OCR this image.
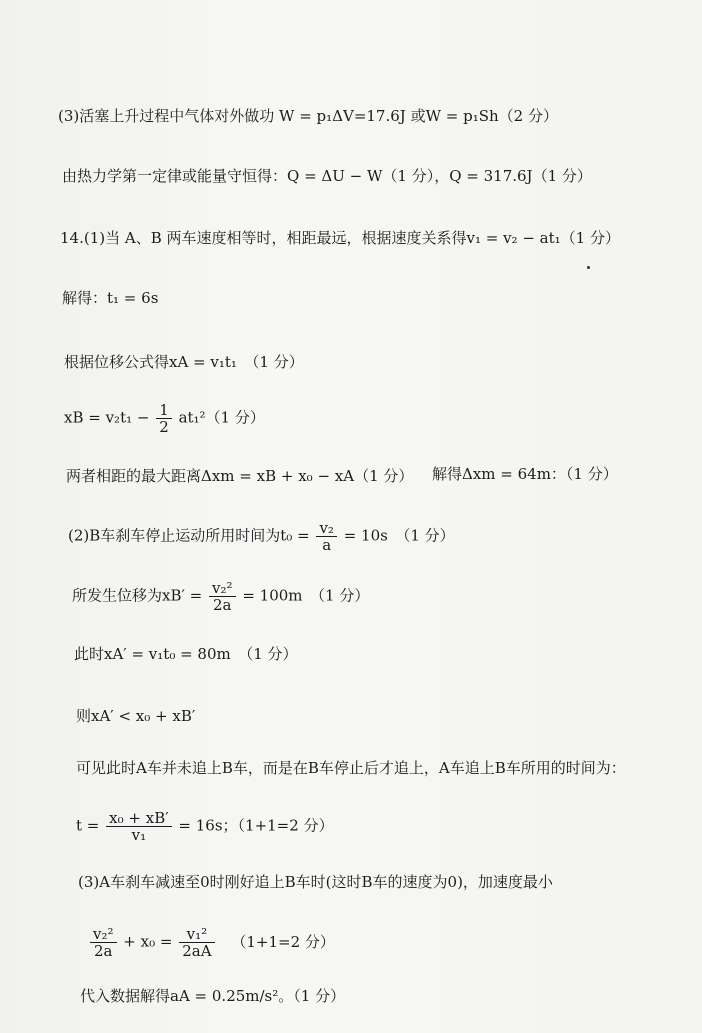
(3)活塞上升过程中气体对外做功 W = p₁ΔV=17.6J 或W = p₁Sh（2 分）
由热力学第一定律或能量守恒得：Q = ΔU − W（1 分），Q = 317.6J（1 分）
14.(1)当 A、B 两车速度相等时，相距最远，根据速度关系得v₁ = v₂ − at₁（1 分）
解得：t₁ = 6s
根据位移公式得xA = v₁t₁　（1 分）
xB = $v_2t_1 - \frac{1}{2} at_1^2(1$ 分）
两者相距的最大距离Δxm = xB + x₀ − xA（1 分） 解得Δxm = 64m：（1 分）
(2)B车刹车停止运动所用时间为$t_0 = \frac{\text{v₂}}{a} = 10s$　（1 分）
所发生位移为$xB' = \frac{\text{v₂²}}{2a} = 100m$　（1 分）
此时xA′ = v₁t₀ = 80m　（1 分）
则xA′ < x₀ + xB′
可见此时A车并未追上B车，而是在B车停止后才追上，A车追上B车所用的时间为：
$t = \frac{\text{x₀ + xB′}}{\text{v₁}} = 16s$；（1+1=2 分）
(3)A车刹车减速至0时刚好追上B车时(这时B车的速度为0)，加速度最小
$\frac{\text{v₂²}}{2a} + x_0 = \frac{\text{v₁²}}{2aA} (1+1=2$ 分）
代入数据解得aA = 0.25m/s²。（1 分）
